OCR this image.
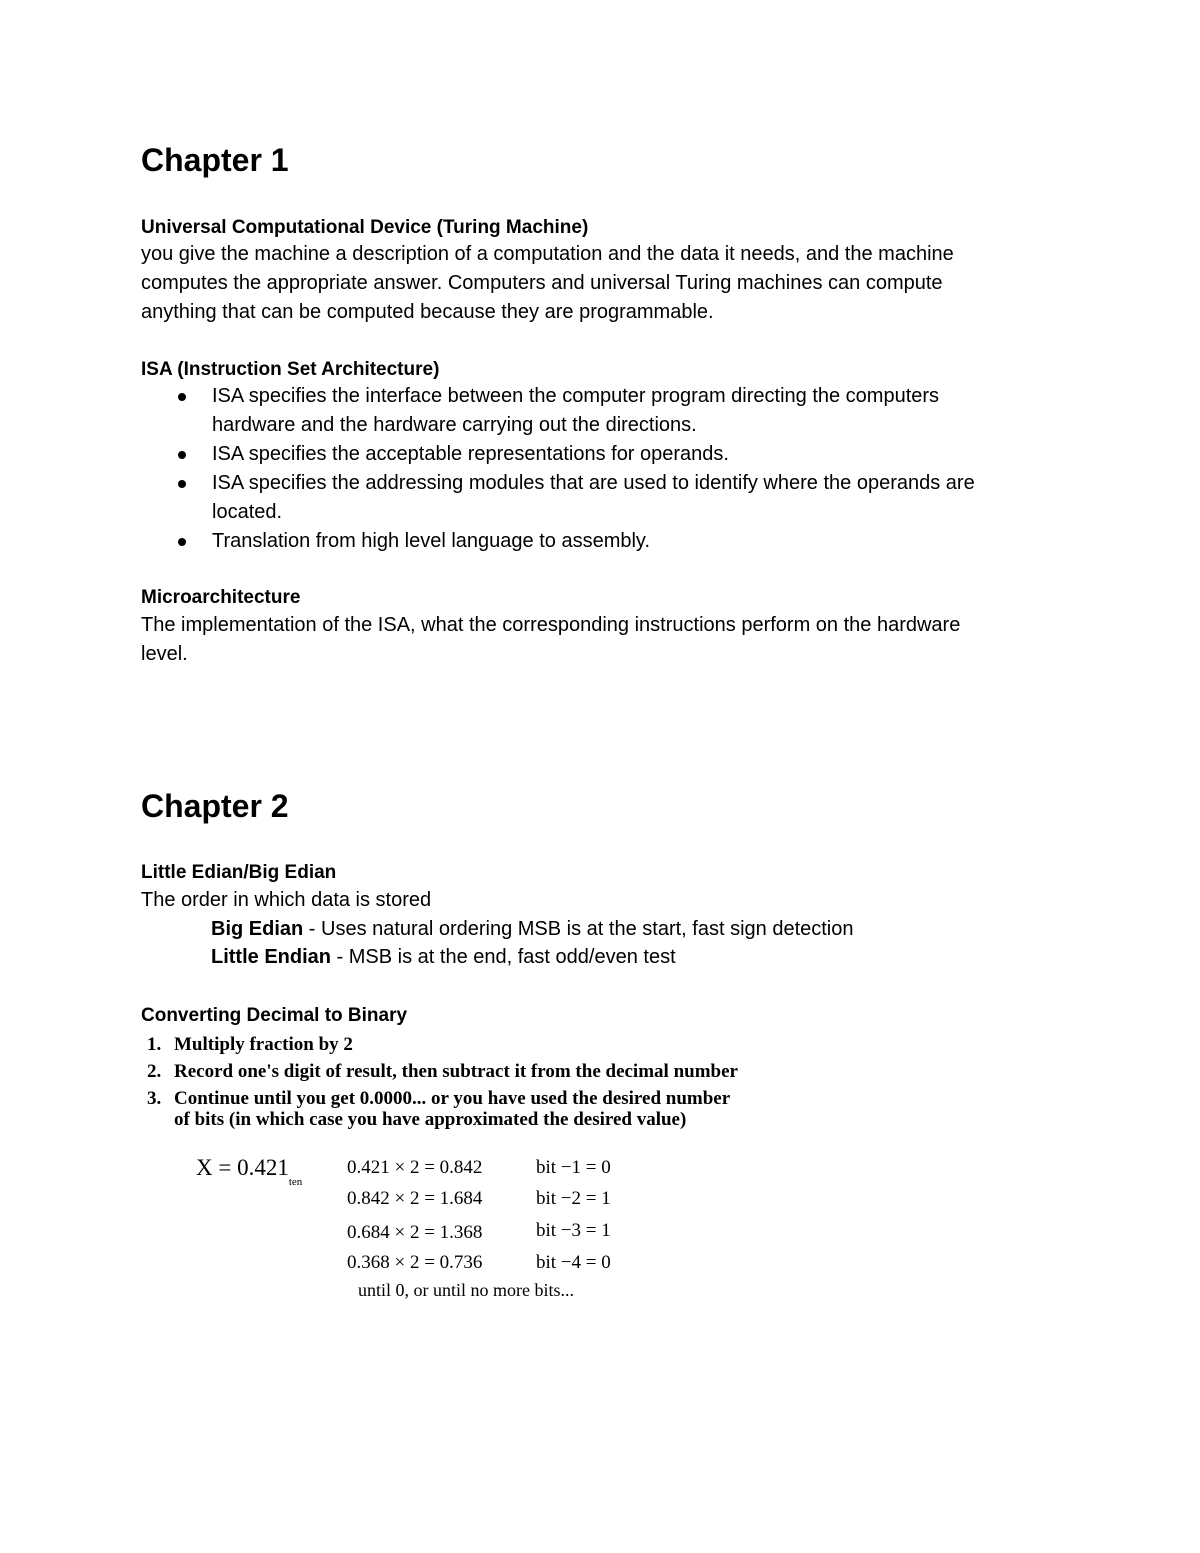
Chapter 1
Universal Computational Device (Turing Machine)
you give the machine a description of a computation and the data it needs, and the machine
computes the appropriate answer. Computers and universal Turing machines can compute
anything that can be computed because they are programmable.
ISA (Instruction Set Architecture)
ISA specifies the interface between the computer program directing the computers
hardware and the hardware carrying out the directions.
ISA specifies the acceptable representations for operands.
ISA specifies the addressing modules that are used to identify where the operands are
located.
Translation from high level language to assembly.
Microarchitecture
The implementation of the ISA, what the corresponding instructions perform on the hardware
level.
Chapter 2
Little Edian/Big Edian
The order in which data is stored
Big Edian - Uses natural ordering MSB is at the start, fast sign detection
Little Endian - MSB is at the end, fast odd/even test
Converting Decimal to Binary
1. Multiply fraction by 2
2. Record one's digit of result, then subtract it from the decimal number
3. Continue until you get 0.0000... or you have used the desired number
of bits (in which case you have approximated the desired value)
$X = 0.421_{ten}$
0.421 × 2 = 0.842	bit −1 = 0
0.842 × 2 = 1.684	bit −2 = 1
0.684 × 2 = 1.368	bit −3 = 1
0.368 × 2 = 0.736	bit −4 = 0
until 0, or until no more bits...
